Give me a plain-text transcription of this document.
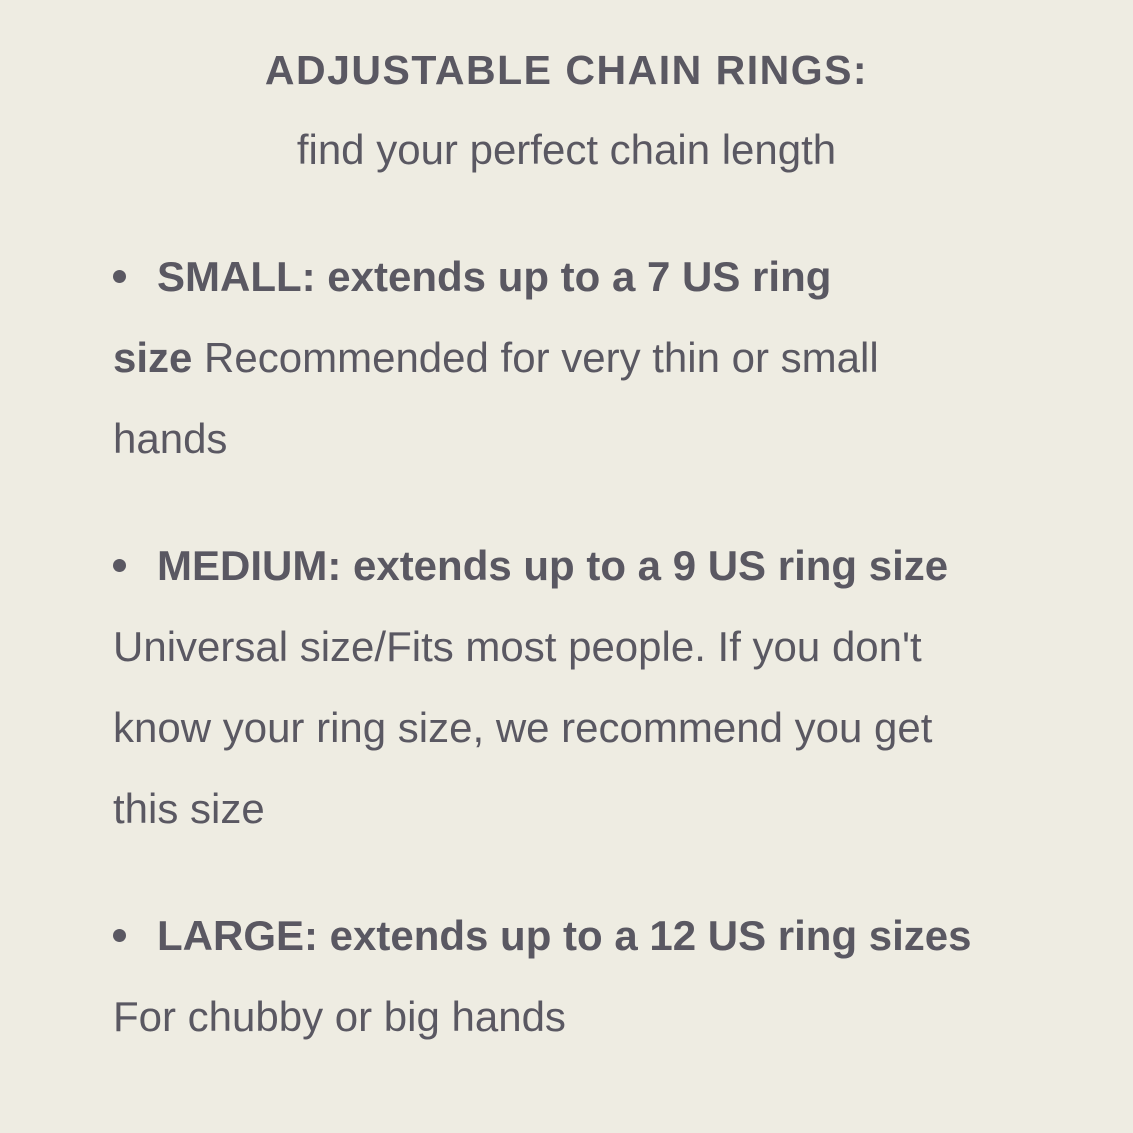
ADJUSTABLE CHAIN RINGS:
find your perfect chain length
SMALL: extends up to a 7 US ring
size Recommended for very thin or small
hands
MEDIUM: extends up to a 9 US ring size
Universal size/Fits most people. If you don't
know your ring size, we recommend you get
this size
LARGE: extends up to a 12 US ring sizes
For chubby or big hands
